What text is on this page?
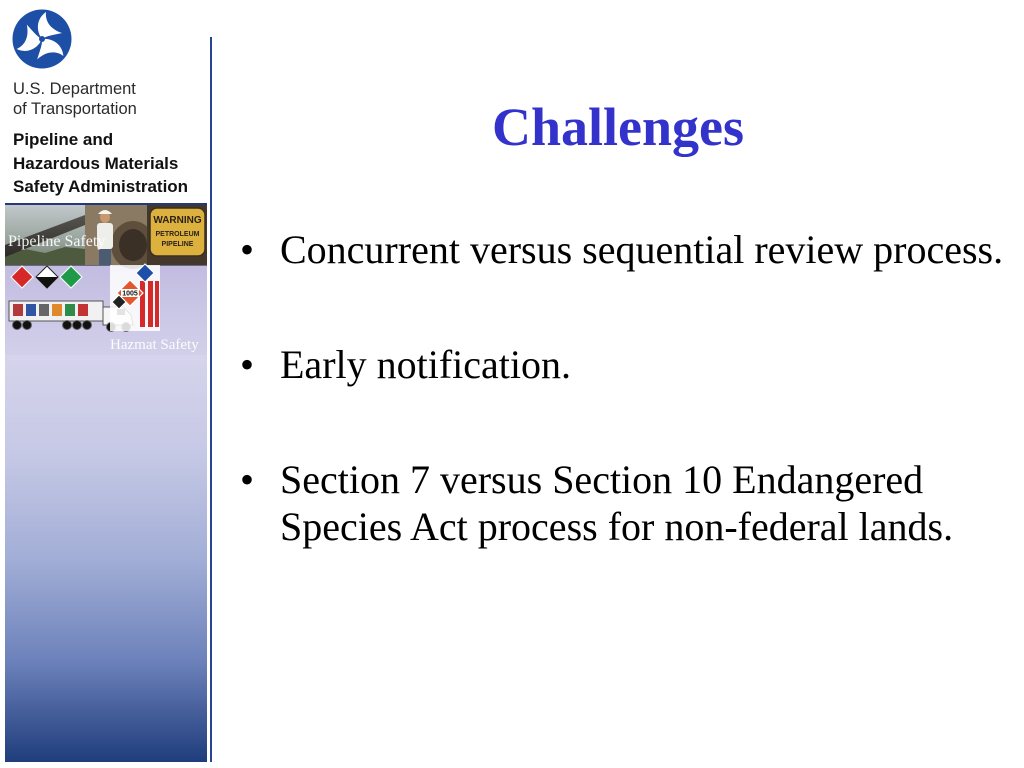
U.S. Department
of Transportation
Pipeline and
Hazardous Materials
Safety Administration
WARNING
PETROLEUM
PIPELINE
Pipeline Safety
1005
Hazmat Safety
Challenges
•
Concurrent versus sequential review process.
•
Early notification.
•
Section 7 versus Section 10 Endangered Species Act process for non-federal lands.
